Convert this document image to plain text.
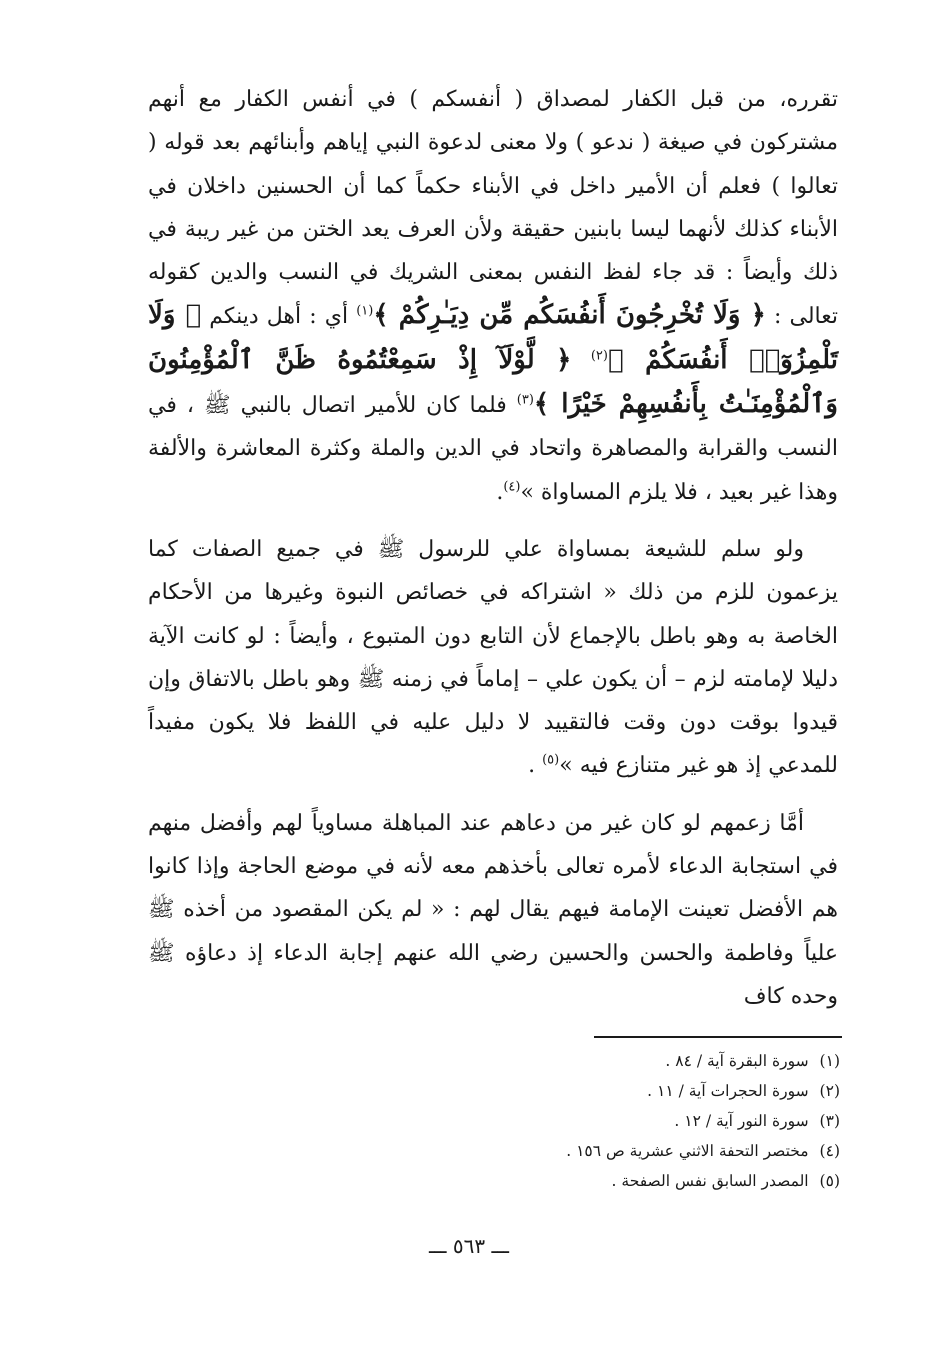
تقرره، من قبل الكفار لمصداق ( أنفسكم ) في أنفس الكفار مع أنهم مشتركون في صيغة ( ندعو ) ولا معنى لدعوة النبي إياهم وأبنائهم بعد قوله ( تعالوا ) فعلم أن الأمير داخل في الأبناء حكماً كما أن الحسنين داخلان في الأبناء كذلك لأنهما ليسا بابنين حقيقة ولأن العرف يعد الختن من غير ريبة في ذلك وأيضاً : قد جاء لفظ النفس بمعنى الشريك في النسب والدين كقوله تعالى : ﴿ وَلَا تُخْرِجُونَ أَنفُسَكُم مِّن دِيَـٰرِكُمْ ﴾$^{(١)}$ أي : أهل دينكم ﴿ وَلَا تَلْمِزُوٓا۟ أَنفُسَكُمْ ﴾$^{(٢)}$ ﴿ لَّوْلَآ إِذْ سَمِعْتُمُوهُ ظَنَّ ٱلْمُؤْمِنُونَ وَٱلْمُؤْمِنَـٰتُ بِأَنفُسِهِمْ خَيْرًا ﴾$^{(٣)}$ فلما كان للأمير اتصال بالنبي ﷺ ، في النسب والقرابة والمصاهرة واتحاد في الدين والملة وكثرة المعاشرة والألفة وهذا غير بعيد ، فلا يلزم المساواة »$^{(٤)}$.

ولو سلم للشيعة بمساواة علي للرسول ﷺ في جميع الصفات كما يزعمون للزم من ذلك « اشتراكه في خصائص النبوة وغيرها من الأحكام الخاصة به وهو باطل بالإجماع لأن التابع دون المتبوع ، وأيضاً : لو كانت الآية دليلا لإمامته لزم – أن يكون علي – إماماً في زمنه ﷺ وهو باطل بالاتفاق وإن قيدوا بوقت دون وقت فالتقييد لا دليل عليه في اللفظ فلا يكون مفيداً للمدعي إذ هو غير متنازع فيه »$^{(٥)}$ .

أمَّا زعمهم لو كان غير من دعاهم عند المباهلة مساوياً لهم وأفضل منهم في استجابة الدعاء لأمره تعالى بأخذهم معه لأنه في موضع الحاجة وإذا كانوا هم الأفضل تعينت الإمامة فيهم يقال لهم : « لم يكن المقصود من أخذه ﷺ علياً وفاطمة والحسن والحسين رضي الله عنهم إجابة الدعاء إذ دعاؤه ﷺ وحده كاف

(١) سورة البقرة آية / ٨٤ .
(٢) سورة الحجرات آية / ١١ .
(٣) سورة النور آية / ١٢ .
(٤) مختصر التحفة الاثني عشرية ص ١٥٦ .
(٥) المصدر السابق نفس الصفحة .
ـــ ٥٦٣ ـــ
